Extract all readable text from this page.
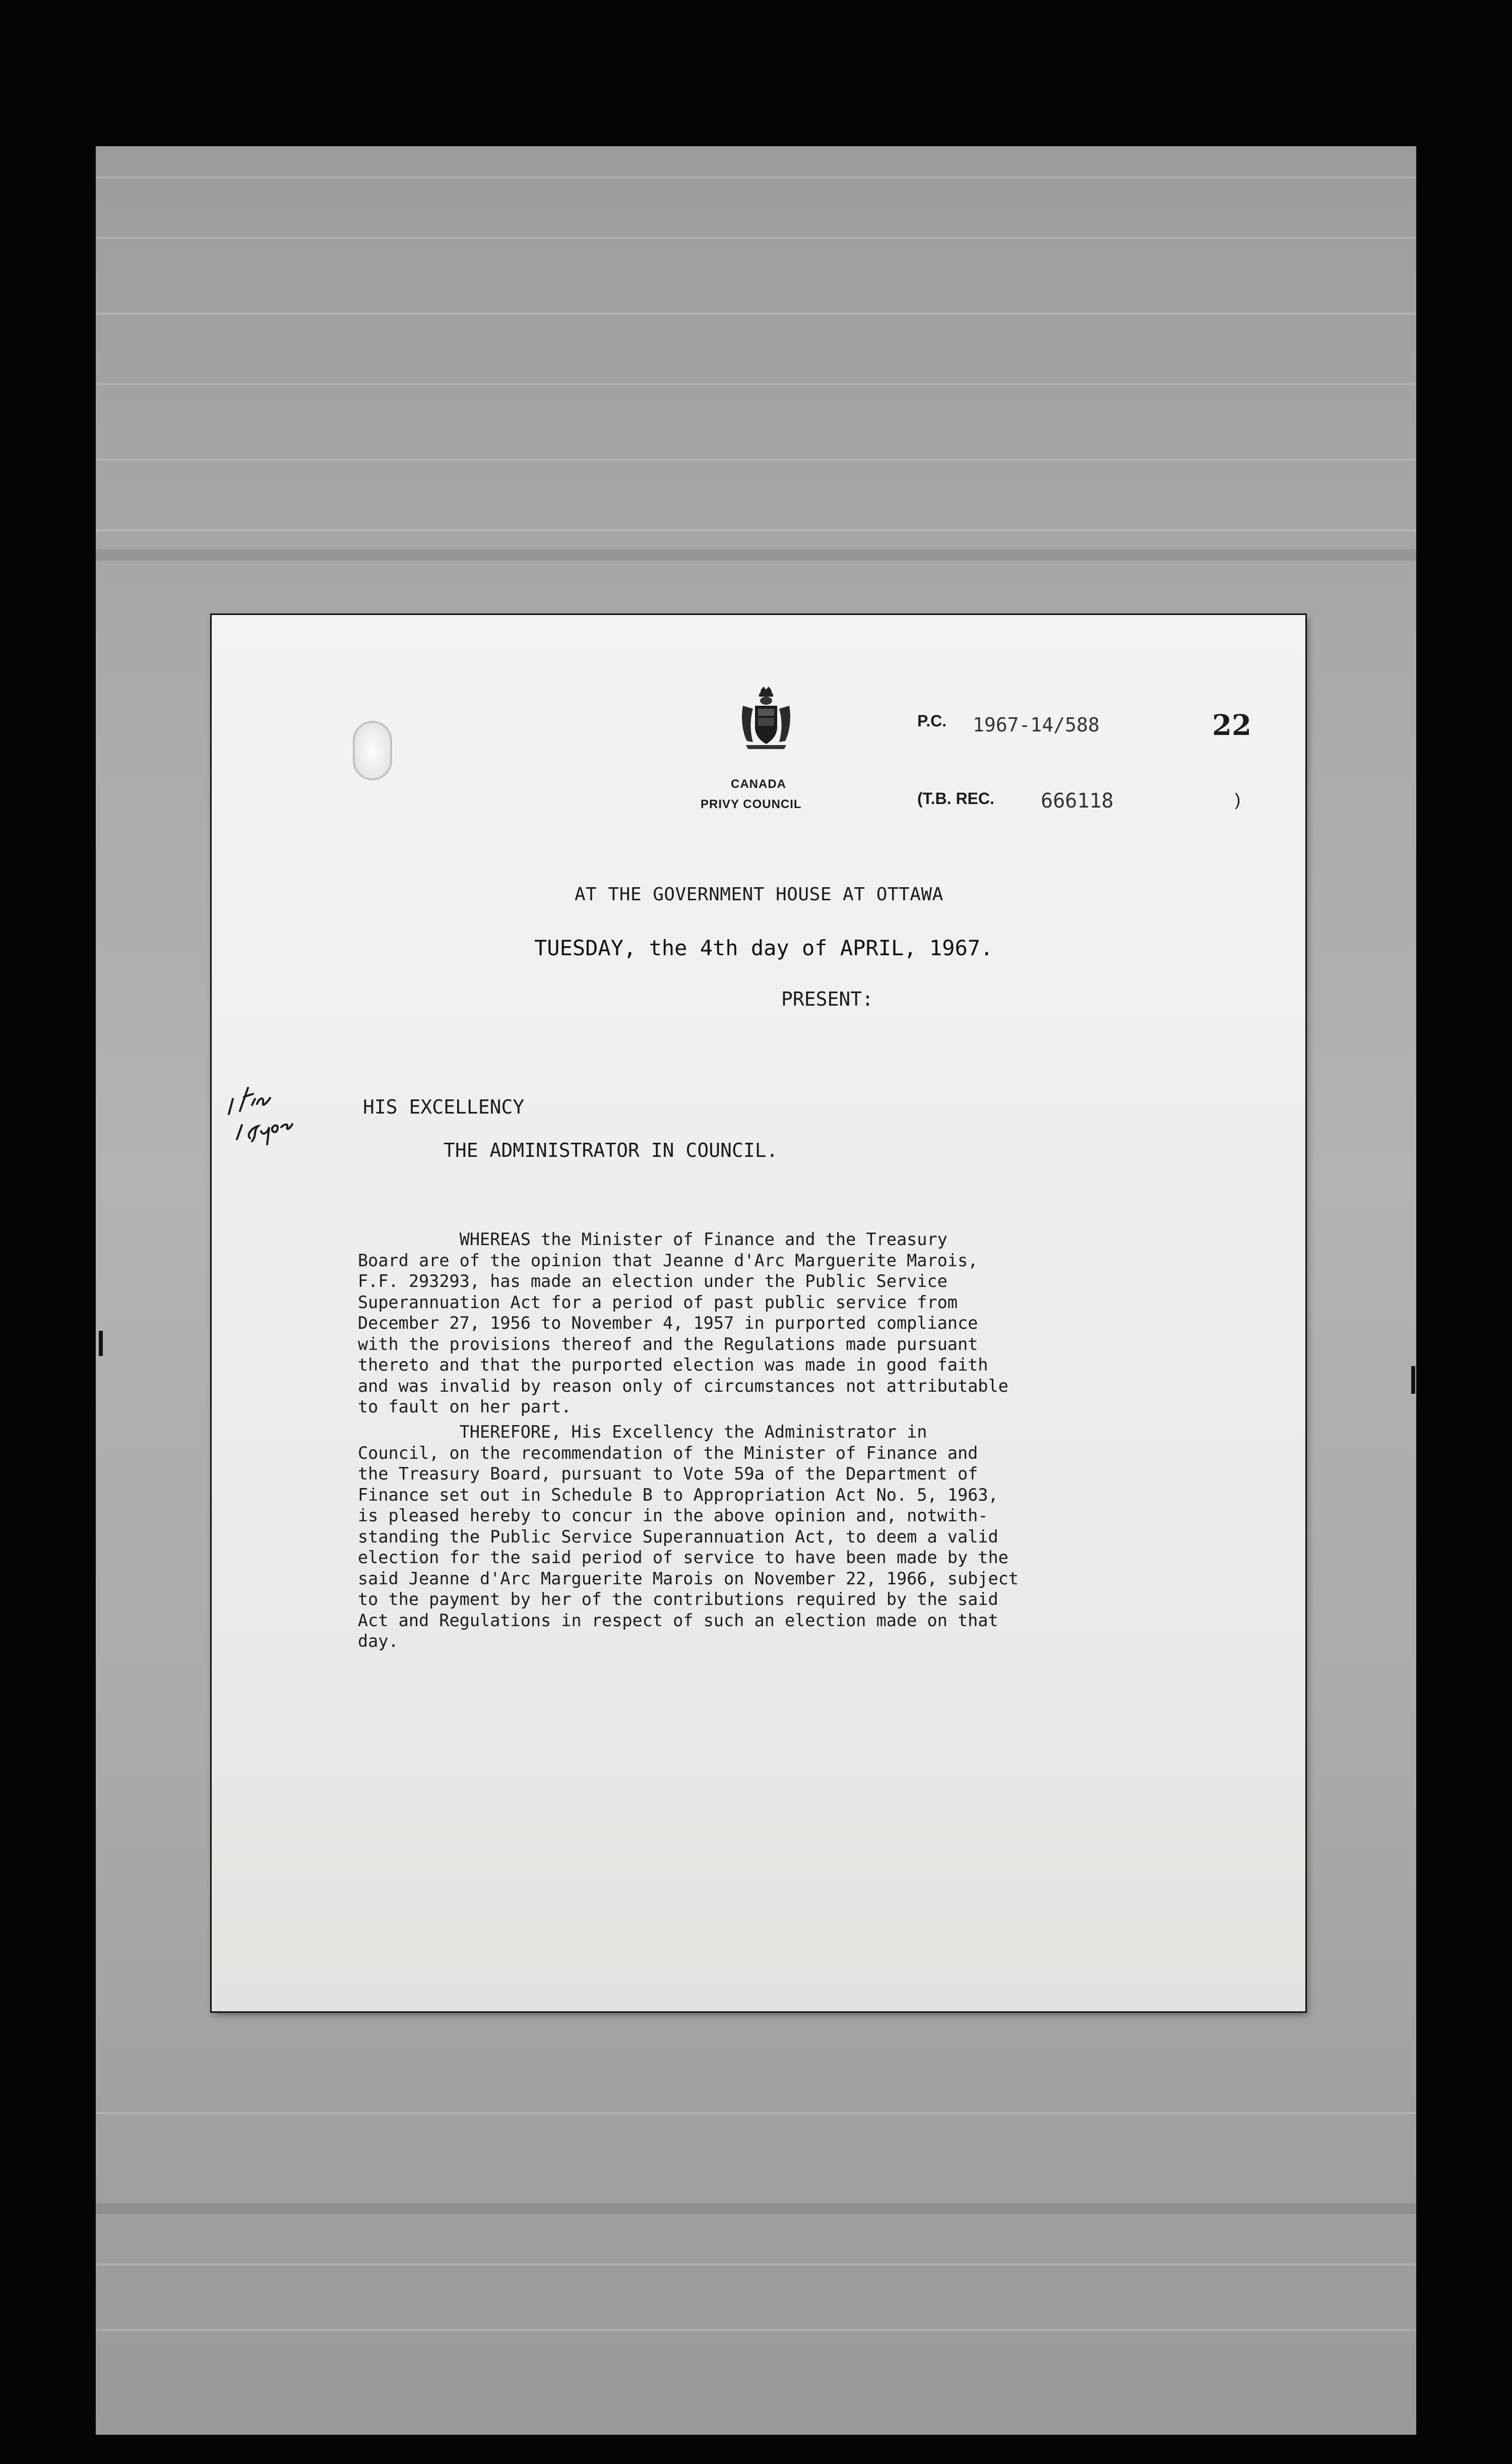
CANADA
PRIVY COUNCIL
P.C. 1967-14/588	22
(T.B. REC. 666118	)
AT THE GOVERNMENT HOUSE AT OTTAWA
TUESDAY, the 4th day of APRIL, 1967.
PRESENT:
HIS EXCELLENCY
THE ADMINISTRATOR IN COUNCIL.
WHEREAS the Minister of Finance and the Treasury
Board are of the opinion that Jeanne d'Arc Marguerite Marois,
F.F. 293293, has made an election under the Public Service
Superannuation Act for a period of past public service from
December 27, 1956 to November 4, 1957 in purported compliance
with the provisions thereof and the Regulations made pursuant
thereto and that the purported election was made in good faith
and was invalid by reason only of circumstances not attributable
to fault on her part.
THEREFORE, His Excellency the Administrator in
Council, on the recommendation of the Minister of Finance and
the Treasury Board, pursuant to Vote 59a of the Department of
Finance set out in Schedule B to Appropriation Act No. 5, 1963,
is pleased hereby to concur in the above opinion and, notwith-
standing the Public Service Superannuation Act, to deem a valid
election for the said period of service to have been made by the
said Jeanne d'Arc Marguerite Marois on November 22, 1966, subject
to the payment by her of the contributions required by the said
Act and Regulations in respect of such an election made on that
day.
